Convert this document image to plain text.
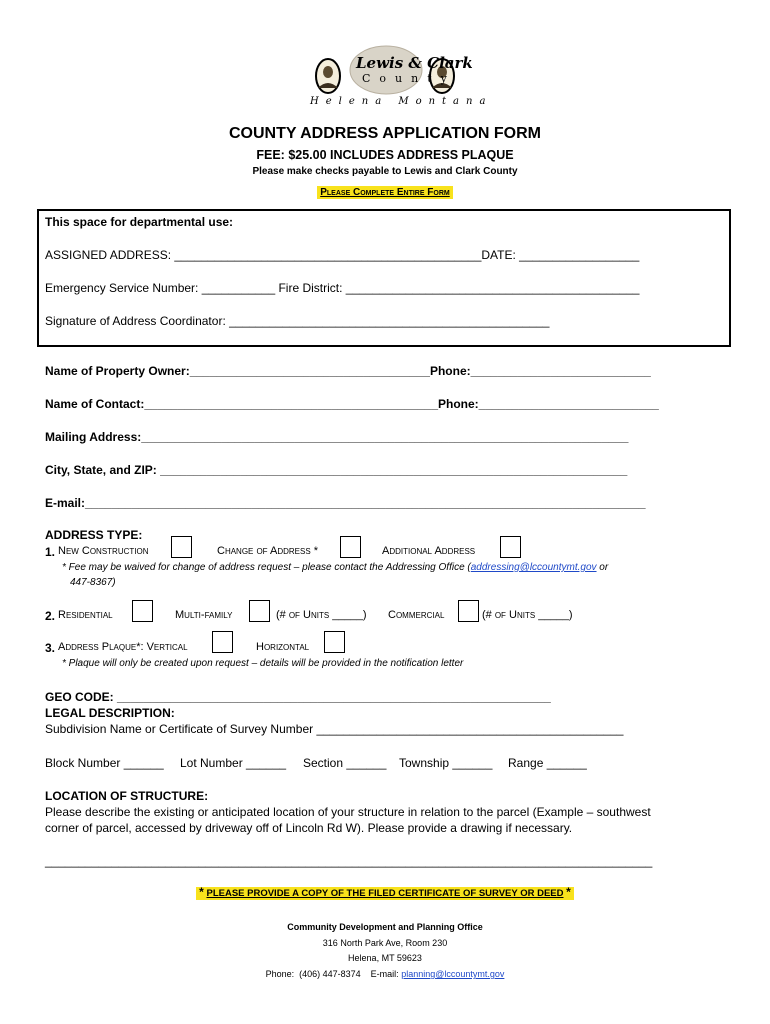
Lewis & Clark
County
Helena Montana
COUNTY ADDRESS APPLICATION FORM
FEE: $25.00 INCLUDES ADDRESS PLAQUE
Please make checks payable to Lewis and Clark County
Please Complete Entire Form
This space for departmental use:
ASSIGNED ADDRESS: ______________________________________________DATE: __________________
Emergency Service Number: ___________ Fire District: ____________________________________________
Signature of Address Coordinator: ________________________________________________
Name of Property Owner:____________________________________Phone:___________________________
Name of Contact:____________________________________________Phone:___________________________
Mailing Address:_________________________________________________________________________
City, State, and ZIP: ______________________________________________________________________
E-mail:____________________________________________________________________________________
ADDRESS TYPE:
1. New Construction	Change of Address *	Additional Address
* Fee may be waived for change of address request – please contact the Addressing Office (addressing@lccountymt.gov or
447-8367)
2. Residential	Multi-family	(# of Units _____) Commercial	(# of Units _____)
3. Address Plaque*: Vertical	Horizontal
* Plaque will only be created upon request – details will be provided in the notification letter
GEO CODE: _________________________________________________________________
LEGAL DESCRIPTION:
Subdivision Name or Certificate of Survey Number ______________________________________________
Block Number ______ Lot Number ______ Section ______ Township ______ Range ______
LOCATION OF STRUCTURE:
Please describe the existing or anticipated location of your structure in relation to the parcel (Example – southwest
corner of parcel, accessed by driveway off of Lincoln Rd W). Please provide a drawing if necessary.
___________________________________________________________________________________________
* PLEASE PROVIDE A COPY OF THE FILED CERTIFICATE OF SURVEY OR DEED *
Community Development and Planning Office
316 North Park Ave, Room 230
Helena, MT 59623
Phone:  (406) 447-8374    E-mail: planning@lccountymt.gov
